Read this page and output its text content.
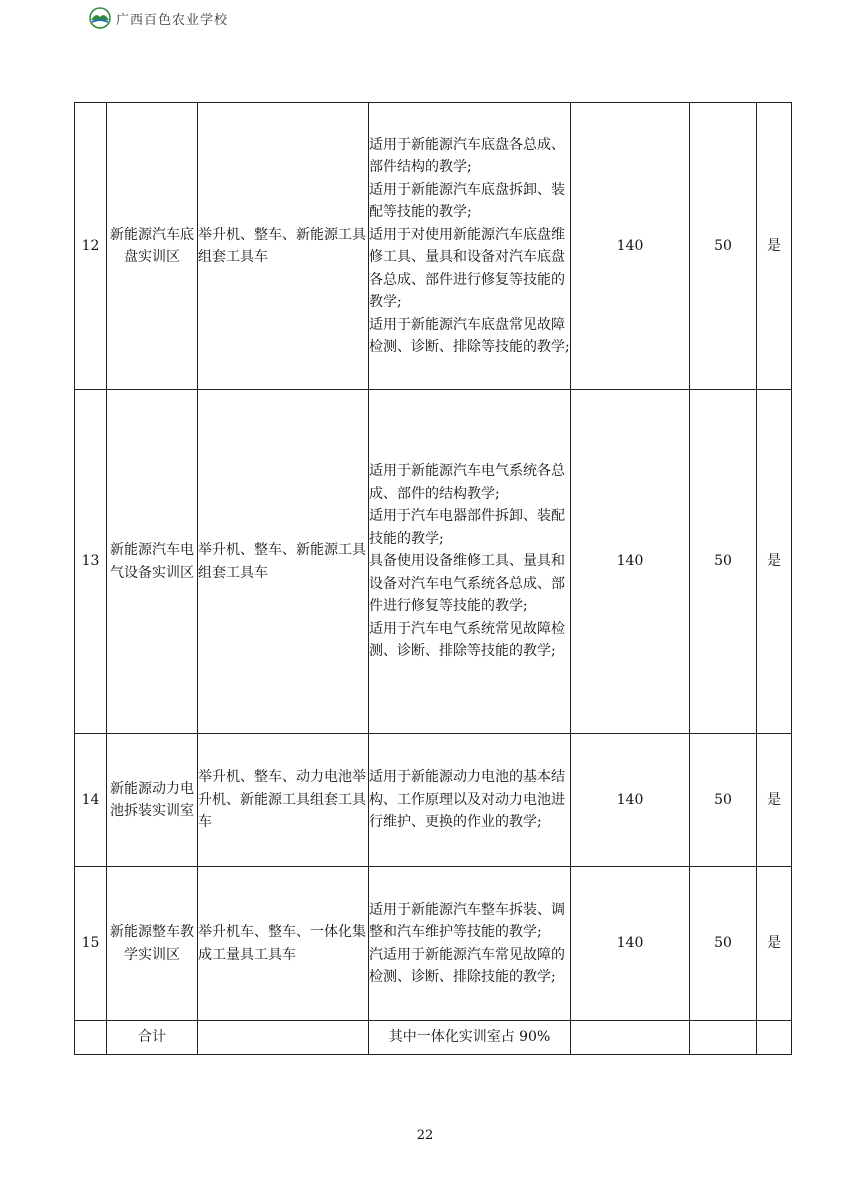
广西百色农业学校
12	新能源汽车底盘实训区	举升机、整车、新能源工具组套工具车	适用于新能源汽车底盘各总成、部件结构的教学;
适用于新能源汽车底盘拆卸、装配等技能的教学;
适用于对使用新能源汽车底盘维修工具、量具和设备对汽车底盘各总成、部件进行修复等技能的教学;
适用于新能源汽车底盘常见故障检测、诊断、排除等技能的教学;	140	50	是
13	新能源汽车电气设备实训区	举升机、整车、新能源工具组套工具车	适用于新能源汽车电气系统各总成、部件的结构教学;
适用于汽车电器部件拆卸、装配技能的教学;
具备使用设备维修工具、量具和设备对汽车电气系统各总成、部件进行修复等技能的教学;
适用于汽车电气系统常见故障检测、诊断、排除等技能的教学;	140	50	是
14	新能源动力电池拆装实训室	举升机、整车、动力电池举升机、新能源工具组套工具车	适用于新能源动力电池的基本结构、工作原理以及对动力电池进行维护、更换的作业的教学;	140	50	是
15	新能源整车教学实训区	举升机车、整车、一体化集成工量具工具车	适用于新能源汽车整车拆装、调整和汽车维护等技能的教学;
汽适用于新能源汽车常见故障的检测、诊断、排除技能的教学;	140	50	是
	合计		其中一体化实训室占 90%			
22
